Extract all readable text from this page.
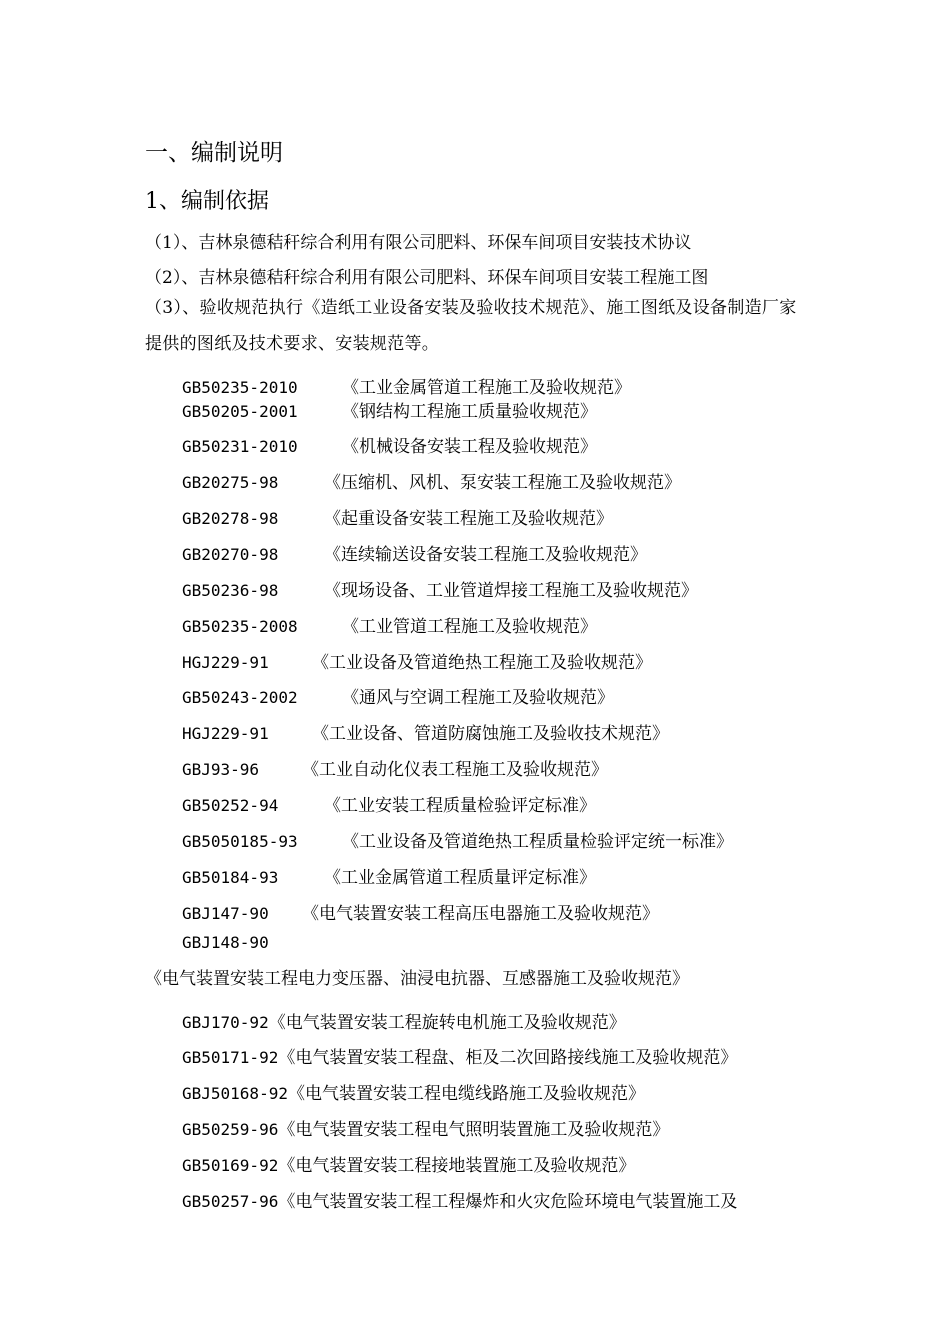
一、编制说明
1、编制依据
（1）、吉林泉德秸秆综合利用有限公司肥料、环保车间项目安装技术协议
（2）、吉林泉德秸秆综合利用有限公司肥料、环保车间项目安装工程施工图
（3）、验收规范执行《造纸工业设备安装及验收技术规范》、施工图纸及设备制造厂家提供的图纸及技术要求、安装规范等。
GB50235-2010	《工业金属管道工程施工及验收规范》
GB50205-2001	《钢结构工程施工质量验收规范》
GB50231-2010	《机械设备安装工程及验收规范》
GB20275-98	《压缩机、风机、泵安装工程施工及验收规范》
GB20278-98	《起重设备安装工程施工及验收规范》
GB20270-98	《连续输送设备安装工程施工及验收规范》
GB50236-98	《现场设备、工业管道焊接工程施工及验收规范》
GB50235-2008	《工业管道工程施工及验收规范》
HGJ229-91	《工业设备及管道绝热工程施工及验收规范》
GB50243-2002	《通风与空调工程施工及验收规范》
HGJ229-91	《工业设备、管道防腐蚀施工及验收技术规范》
GBJ93-96	《工业自动化仪表工程施工及验收规范》
GB50252-94	《工业安装工程质量检验评定标准》
GB5050185-93	《工业设备及管道绝热工程质量检验评定统一标准》
GB50184-93	《工业金属管道工程质量评定标准》
GBJ147-90 《电气装置安装工程高压电器施工及验收规范》
GBJ148-90 《电气装置安装工程电力变压器、油浸电抗器、互感器施工及验收规范》
GBJ170-92《电气装置安装工程旋转电机施工及验收规范》
GB50171-92《电气装置安装工程盘、柜及二次回路接线施工及验收规范》
GBJ50168-92《电气装置安装工程电缆线路施工及验收规范》
GB50259-96《电气装置安装工程电气照明装置施工及验收规范》
GB50169-92《电气装置安装工程接地装置施工及验收规范》
GB50257-96《电气装置安装工程工程爆炸和火灾危险环境电气装置施工及
